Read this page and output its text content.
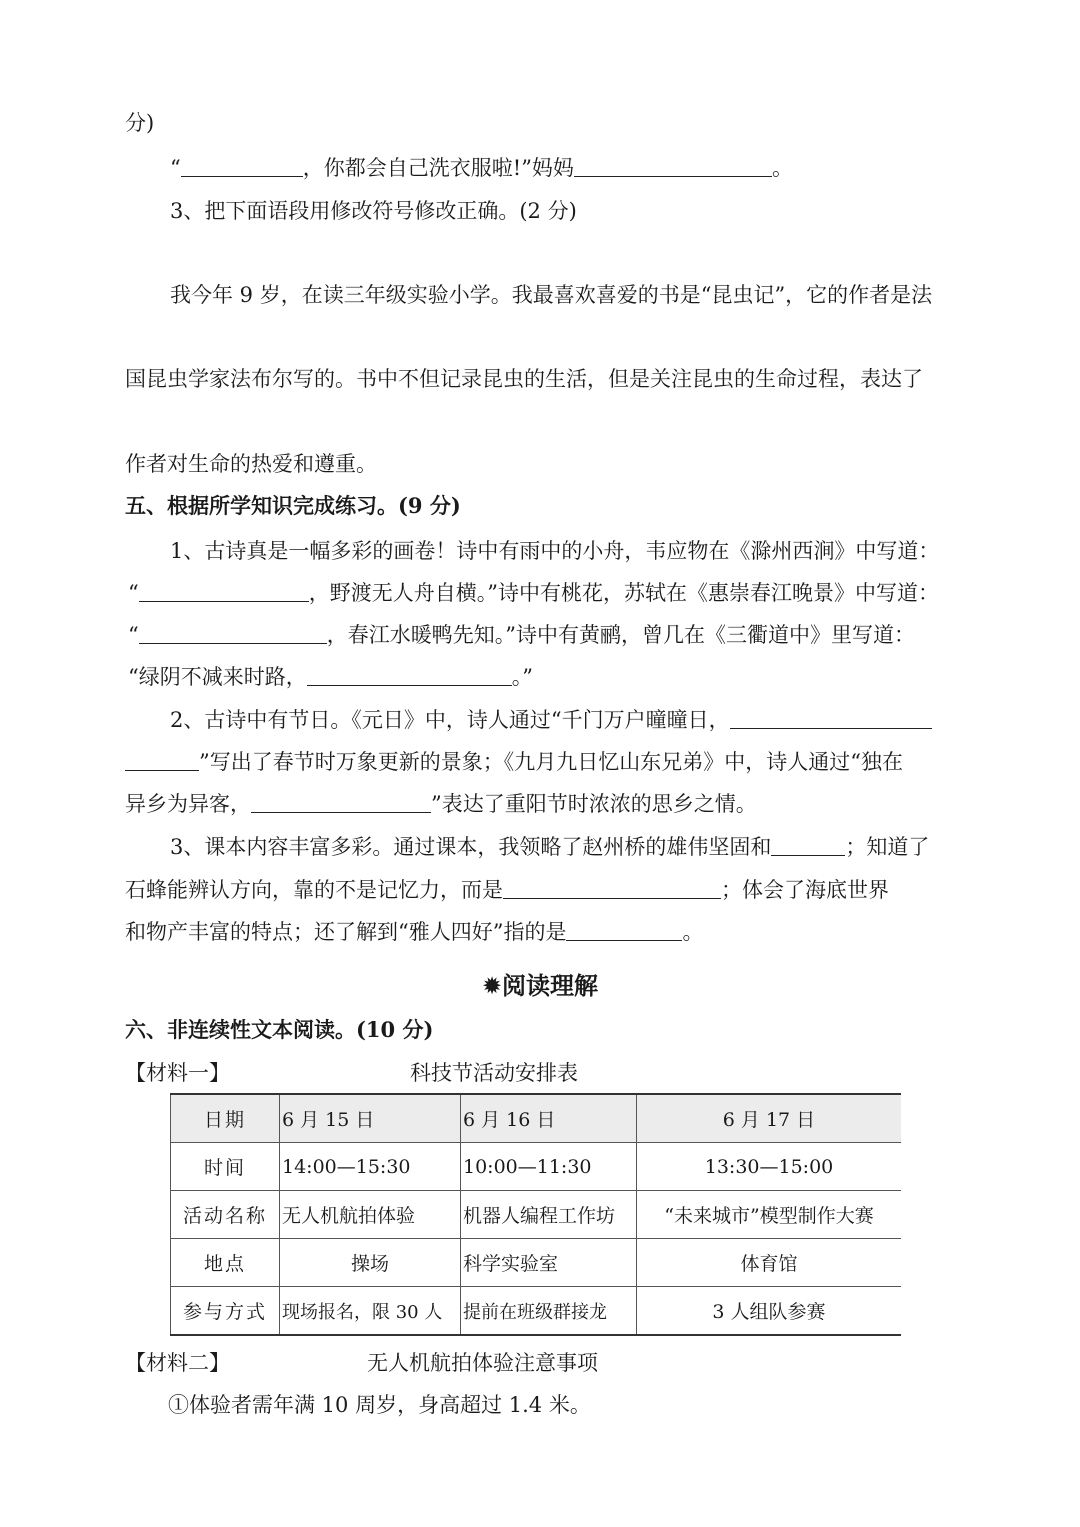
分)
“	，你都会自己洗衣服啦!”妈妈	。
3、把下面语段用修改符号修改正确。(2 分)
我今年 9 岁，在读三年级实验小学。我最喜欢喜爱的书是“昆虫记”，它的作者是法
国昆虫学家法布尔写的。书中不但记录昆虫的生活，但是关注昆虫的生命过程，表达了
作者对生命的热爱和遵重。
五、根据所学知识完成练习。(9 分)
1、古诗真是一幅多彩的画卷！诗中有雨中的小舟，韦应物在《滁州西涧》中写道：
“	，野渡无人舟自横。”诗中有桃花，苏轼在《惠崇春江晚景》中写道：
“	，春江水暖鸭先知。”诗中有黄鹂，曾几在《三衢道中》里写道：
“绿阴不减来时路，	。”
2、古诗中有节日。《元日》中，诗人通过“千门万户曈曈日，
”写出了春节时万象更新的景象；《九月九日忆山东兄弟》中，诗人通过“独在
异乡为异客，	”表达了重阳节时浓浓的思乡之情。
3、课本内容丰富多彩。通过课本，我领略了赵州桥的雄伟坚固和	；知道了
石蜂能辨认方向，靠的不是记忆力，而是	；体会了海底世界
和物产丰富的特点；还了解到“雅人四好”指的是	。
✹阅读理解
六、非连续性文本阅读。(10 分)
【材料一】	科技节活动安排表
日期	6 月 15 日	6 月 16 日	6 月 17 日
时间	14:00—15:30	10:00—11:30	13:30—15:00
活动名称	无人机航拍体验	机器人编程工作坊	“未来城市”模型制作大赛
地点	操场	科学实验室	体育馆
参与方式	现场报名，限 30 人	提前在班级群接龙	3 人组队参赛
【材料二】	无人机航拍体验注意事项
①体验者需年满 10 周岁，身高超过 1.4 米。
